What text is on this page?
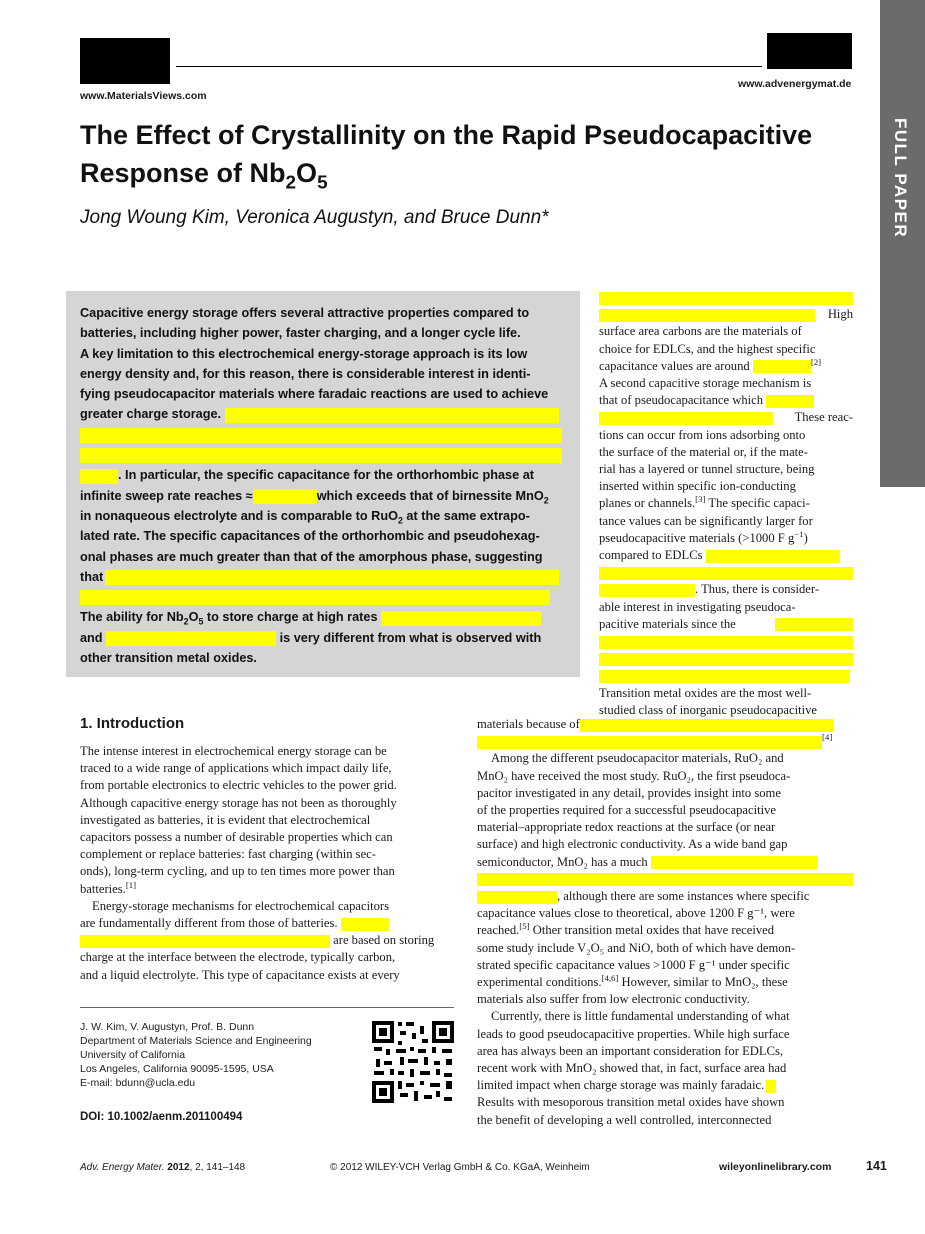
www.MaterialsViews.com
www.advenergymat.de
FULL PAPER
The Effect of Crystallinity on the Rapid Pseudocapacitive
Response of $Nb_2O_5$
Jong Woung Kim, Veronica Augustyn, and Bruce Dunn*
Capacitive energy storage offers several attractive properties compared to
batteries, including higher power, faster charging, and a longer cycle life.
A key limitation to this electrochemical energy-storage approach is its low
energy density and, for this reason, there is considerable interest in identi-
fying pseudocapacitor materials where faradaic reactions are used to achieve
greater charge storage.
. In particular, the specific capacitance for the orthorhombic phase at
infinite sweep rate reaches ≈	which exceeds that of birnessite MnO$_2$
in nonaqueous electrolyte and is comparable to RuO$_2$ at the same extrapo-
lated rate. The specific capacitances of the orthorhombic and pseudohexag-
onal phases are much greater than that of the amorphous phase, suggesting
that
The ability for $Nb_2O_5$ to store charge at high rates
and	is very different from what is observed with
other transition metal oxides.
1. Introduction
The intense interest in electrochemical energy storage can be
traced to a wide range of applications which impact daily life,
from portable electronics to electric vehicles to the power grid.
Although capacitive energy storage has not been as thoroughly
investigated as batteries, it is evident that electrochemical
capacitors possess a number of desirable properties which can
complement or replace batteries: fast charging (within sec-
onds), long-term cycling, and up to ten times more power than
batteries.[1]
Energy-storage mechanisms for electrochemical capacitors
are fundamentally different from those of batteries.
are based on storing
charge at the interface between the electrode, typically carbon,
and a liquid electrolyte. This type of capacitance exists at every
J. W. Kim, V. Augustyn, Prof. B. Dunn
Department of Materials Science and Engineering
University of California
Los Angeles, California 90095-1595, USA
E-mail: bdunn@ucla.edu
DOI: 10.1002/aenm.201100494
High
surface area carbons are the materials of
choice for EDLCs, and the highest specific
capacitance values are around	[2]
A second capacitive storage mechanism is
that of pseudocapacitance which
These reac-
tions can occur from ions adsorbing onto
the surface of the material or, if the mate-
rial has a layered or tunnel structure, being
inserted within specific ion-conducting
planes or channels.[3] The specific capaci-
tance values can be significantly larger for
pseudocapacitive materials (>1000 F $g^{-1}$)
compared to EDLCs
. Thus, there is consider-
able interest in investigating pseudoca-
pacitive materials since the
Transition metal oxides are the most well-
studied class of inorganic pseudocapacitive
materials because of
[4]
Among the different pseudocapacitor materials, RuO₂ and
MnO₂ have received the most study. RuO₂, the first pseudoca-
pacitor investigated in any detail, provides insight into some
of the properties required for a successful pseudocapacitive
material–appropriate redox reactions at the surface (or near
surface) and high electronic conductivity. As a wide band gap
semiconductor, MnO₂ has a much
, although there are some instances where specific
capacitance values close to theoretical, above 1200 F g⁻¹, were
reached.[5] Other transition metal oxides that have received
some study include V₂O₅ and NiO, both of which have demon-
strated specific capacitance values >1000 F g⁻¹ under specific
experimental conditions.[4,6] However, similar to MnO₂, these
materials also suffer from low electronic conductivity.
Currently, there is little fundamental understanding of what
leads to good pseudocapacitive properties. While high surface
area has always been an important consideration for EDLCs,
recent work with MnO₂ showed that, in fact, surface area had
limited impact when charge storage was mainly faradaic.
Results with mesoporous transition metal oxides have shown
the benefit of developing a well controlled, interconnected
Adv. Energy Mater. 2012, 2, 141–148	© 2012 WILEY-VCH Verlag GmbH & Co. KGaA, Weinheim	wileyonlinelibrary.com	141
